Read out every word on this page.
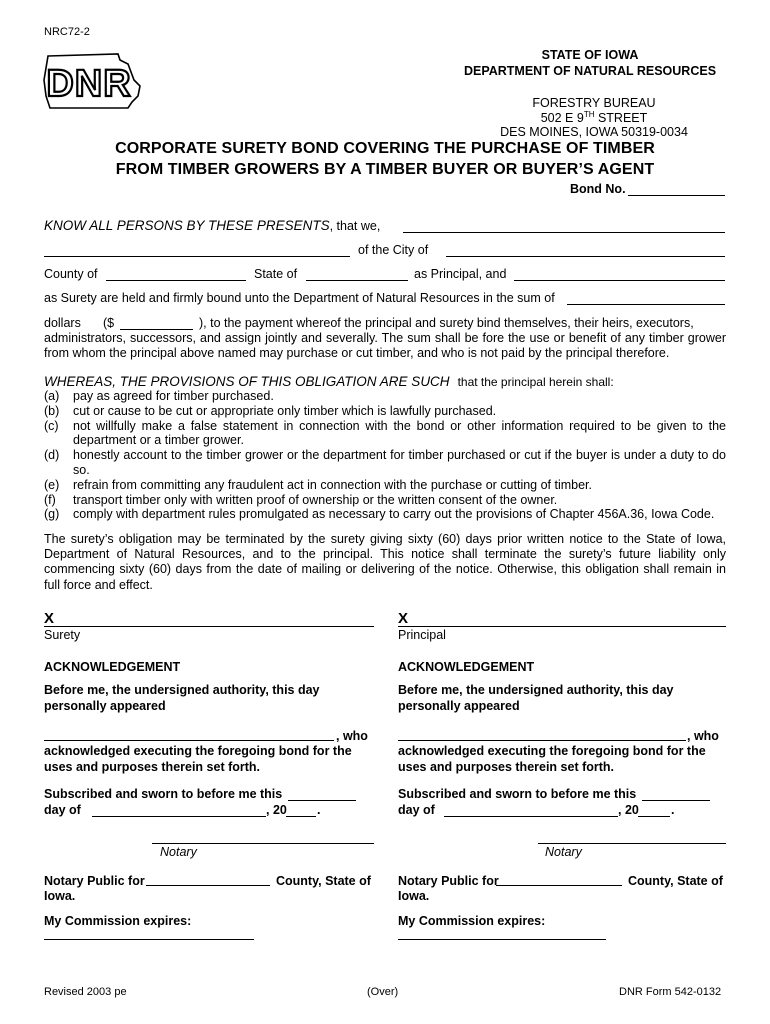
NRC72-2
DNR
STATE OF IOWA
DEPARTMENT OF NATURAL RESOURCES
FORESTRY BUREAU
502 E 9TH STREET
DES MOINES, IOWA 50319-0034
CORPORATE SURETY BOND COVERING THE PURCHASE OF TIMBER
FROM TIMBER GROWERS BY A TIMBER BUYER OR BUYER’S AGENT
Bond No.
KNOW ALL PERSONS BY THESE PRESENTS, that we,
of the City of
County of	State of	as Principal, and
as Surety are held and firmly bound unto the Department of Natural Resources in the sum of
dollars ($	), to the payment whereof the principal and surety bind themselves, their heirs, executors,
administrators, successors, and assign jointly and severally. The sum shall be fore the use or benefit of any timber grower from whom the principal above named may purchase or cut timber, and who is not paid by the principal therefore.
WHEREAS, THE PROVISIONS OF THIS OBLIGATION ARE SUCH that the principal herein shall:
(a)	pay as agreed for timber purchased.
(b)	cut or cause to be cut or appropriate only timber which is lawfully purchased.
(c)	not willfully make a false statement in connection with the bond or other information required to be given to the department or a timber grower.
(d)	honestly account to the timber grower or the department for timber purchased or cut if the buyer is under a duty to do so.
(e)	refrain from committing any fraudulent act in connection with the purchase or cutting of timber.
(f)	transport timber only with written proof of ownership or the written consent of the owner.
(g)	comply with department rules promulgated as necessary to carry out the provisions of Chapter 456A.36, Iowa Code.
The surety’s obligation may be terminated by the surety giving sixty (60) days prior written notice to the State of Iowa, Department of Natural Resources, and to the principal. This notice shall terminate the surety’s future liability only commencing sixty (60) days from the date of mailing or delivering of the notice. Otherwise, this obligation shall remain in full force and effect.
X
Surety
X
Principal
ACKNOWLEDGEMENT
Before me, the undersigned authority, this day personally appeared
, who
acknowledged executing the foregoing bond for the uses and purposes therein set forth.
Subscribed and sworn to before me this
day of	, 20 .
Notary
Notary Public for	County, State of
Iowa.
My Commission expires:
ACKNOWLEDGEMENT
Before me, the undersigned authority, this day personally appeared
, who
acknowledged executing the foregoing bond for the uses and purposes therein set forth.
Subscribed and sworn to before me this
day of	, 20	.
Notary
Notary Public for	County, State of
Iowa.
My Commission expires:
Revised 2003 pe	(Over)	DNR Form 542-0132
